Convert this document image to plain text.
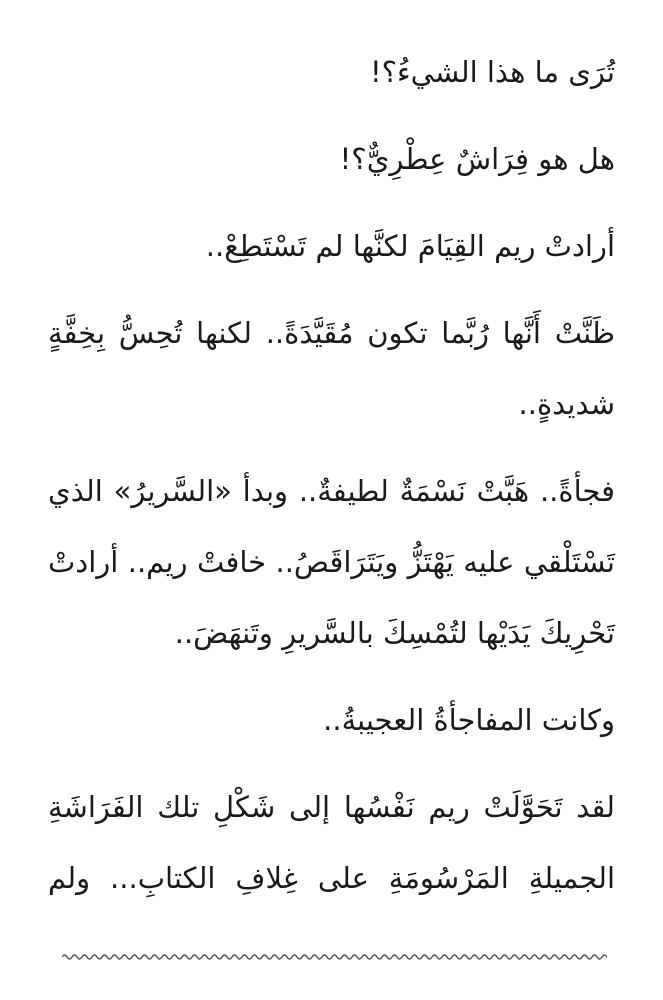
تُرَى ما هذا الشيءُ؟!
هل هو فِرَاشٌ عِطْرِيٌّ؟!
أرادتْ ريم القِيَامَ لكنَّها لم تَسْتَطِعْ..
ظَنَّتْ أَنَّها رُبَّما تكون مُقَيَّدَةً.. لكنها تُحِسُّ بِخِفَّةٍ
شديدةٍ..
فجأةً.. هَبَّتْ نَسْمَةٌ لطيفةٌ.. وبدأ «السَّريرُ» الذي
تَسْتَلْقي عليه يَهْتَزُّ ويَتَرَاقَصُ.. خافتْ ريم.. أرادتْ
تَحْرِيكَ يَدَيْها لتُمْسِكَ بالسَّريرِ وتَنهَضَ..
وكانت المفاجأةُ العجيبةُ..
لقد تَحَوَّلَتْ ريم نَفْسُها إلى شَكْلِ تلك الفَرَاشَةِ
الجميلةِ المَرْسُومَةِ على غِلافِ الكتابِ... ولم
